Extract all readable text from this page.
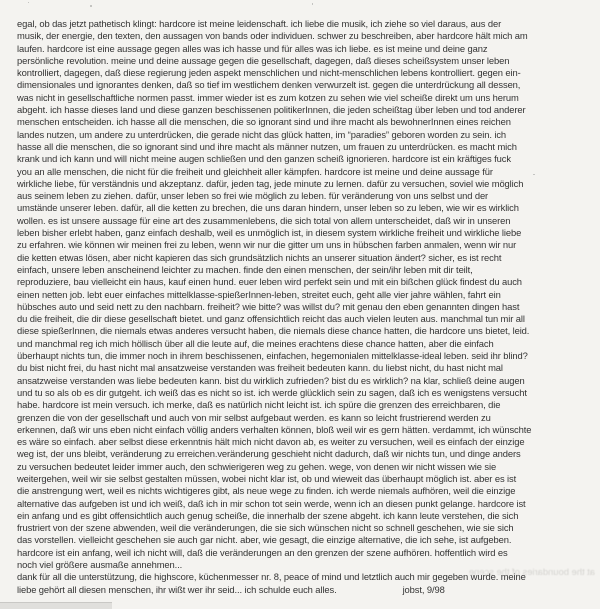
at the boundaries of the scene
egal, ob das jetzt pathetisch klingt: hardcore ist meine leidenschaft. ich liebe die musik, ich ziehe so viel daraus, aus der
musik, der energie, den texten, den aussagen von bands oder individuen. schwer zu beschreiben, aber hardcore hält mich am
laufen. hardcore ist eine aussage gegen alles was ich hasse und für alles was ich liebe. es ist meine und deine ganz
persönliche revolution. meine und deine aussage gegen die gesellschaft, dagegen, daß dieses scheißsystem unser leben
kontrolliert, dagegen, daß diese regierung jeden aspekt menschlichen und nicht-menschlichen lebens kontrolliert. gegen ein-
dimensionales und ignorantes denken, daß so tief im westlichem denken verwurzelt ist. gegen die unterdrückung all dessen,
was nicht in gesellschaftliche normen passt. immer wieder ist es zum kotzen zu sehen wie viel scheiße direkt um uns herum
abgeht. ich hasse dieses land und diese ganzen beschissenen politikerInnen, die jeden scheißtag über leben und tod anderer
menschen entscheiden. ich hasse all die menschen, die so ignorant sind und ihre macht als bewohnerInnen eines reichen
landes nutzen, um andere zu unterdrücken, die gerade nicht das glück hatten, im “paradies” geboren worden zu sein. ich
hasse all die menschen, die so ignorant sind und ihre macht als männer nutzen, um frauen zu unterdrücken. es macht mich
krank und ich kann und will nicht meine augen schließen und den ganzen scheiß ignorieren. hardcore ist ein kräftiges fuck
you an alle menschen, die nicht für die freiheit und gleichheit aller kämpfen. hardcore ist meine und deine aussage für
wirkliche liebe, für verständnis und akzeptanz. dafür, jeden tag, jede minute zu lernen. dafür zu versuchen, soviel wie möglich
aus seinem leben zu ziehen. dafür, unser leben so frei wie möglich zu leben. für veränderung von uns selbst und der
umstände unserer leben. dafür, all die ketten zu brechen, die uns daran hindern, unser leben so zu leben, wie wir es wirklich
wollen. es ist unsere aussage für eine art des zusammenlebens, die sich total von allem unterscheidet, daß wir in unseren
leben bisher erlebt haben, ganz einfach deshalb, weil es unmöglich ist, in diesem system wirkliche freiheit und wirkliche liebe
zu erfahren. wie können wir meinen frei zu leben, wenn wir nur die gitter um uns in hübschen farben anmalen, wenn wir nur
die ketten etwas lösen, aber nicht kapieren das sich grundsätzlich nichts an unserer situation ändert? sicher, es ist recht
einfach, unsere leben anscheinend leichter zu machen. finde den einen menschen, der sein/ihr leben mit dir teilt,
reproduziere, bau vielleicht ein haus, kauf einen hund. euer leben wird perfekt sein und mit ein bißchen glück findest du auch
einen netten job. lebt euer einfaches mittelklasse-spießerInnen-leben, streitet euch, geht alle vier jahre wählen, fahrt ein
hübsches auto und seid nett zu den nachbarn. freiheit? wie bitte? was willst du? mit genau den eben genannten dingen hast
du die freiheit, die dir diese gesellschaft bietet. und ganz offensichtlich reicht das auch vielen leuten aus. manchmal tun mir all
diese spießerInnen, die niemals etwas anderes versucht haben, die niemals diese chance hatten, die hardcore uns bietet, leid.
und manchmal reg ich mich höllisch über all die leute auf, die meines erachtens diese chance hatten, aber die einfach
überhaupt nichts tun, die immer noch in ihrem beschissenen, einfachen, hegemonialen mittelklasse-ideal leben. seid ihr blind?
du bist nicht frei, du hast nicht mal ansatzweise verstanden was freiheit bedeuten kann. du liebst nicht, du hast nicht mal
ansatzweise verstanden was liebe bedeuten kann. bist du wirklich zufrieden? bist du es wirklich? na klar, schließ deine augen
und tu so als ob es dir gutgeht. ich weiß das es nicht so ist. ich werde glücklich sein zu sagen, daß ich es wenigstens versucht
habe. hardcore ist mein versuch. ich merke, daß es natürlich nicht leicht ist. ich spüre die grenzen des erreichbaren, die
grenzen die von der gesellschaft und auch von mir selbst aufgebaut werden. es kann so leicht frustrierend werden zu
erkennen, daß wir uns eben nicht einfach völlig anders verhalten können, bloß weil wir es gern hätten. verdammt, ich wünschte
es wäre so einfach. aber selbst diese erkenntnis hält mich nicht davon ab, es weiter zu versuchen, weil es einfach der einzige
weg ist, der uns bleibt, veränderung zu erreichen.veränderung geschieht nicht dadurch, daß wir nichts tun, und dinge anders
zu versuchen bedeutet leider immer auch, den schwierigeren weg zu gehen. wege, von denen wir nicht wissen wie sie
weitergehen, weil wir sie selbst gestalten müssen, wobei nicht klar ist, ob und wieweit das überhaupt möglich ist. aber es ist
die anstrengung wert, weil es nichts wichtigeres gibt, als neue wege zu finden. ich werde niemals aufhören, weil die einzige
alternative das aufgeben ist und ich weiß, daß ich in mir schon tot sein werde, wenn ich an diesen punkt gelange. hardcore ist
ein anfang und es gibt offensichtlich auch genug scheiße, die innerhalb der szene abgeht. ich kann leute verstehen, die sich
frustriert von der szene abwenden, weil die veränderungen, die sie sich wünschen nicht so schnell geschehen, wie sie sich
das vorstellen. vielleicht geschehen sie auch gar nicht. aber, wie gesagt, die einzige alternative, die ich sehe, ist aufgeben.
hardcore ist ein anfang, weil ich nicht will, daß die veränderungen an den grenzen der szene aufhören. hoffentlich wird es
noch viel größere ausmaße annehmen...
dank für all die unterstützung, die highscore, küchenmesser nr. 8, peace of mind und letztlich auch mir gegeben wurde. meine
liebe gehört all diesen menschen, ihr wißt wer ihr seid... ich schulde euch alles.	jobst, 9/98
